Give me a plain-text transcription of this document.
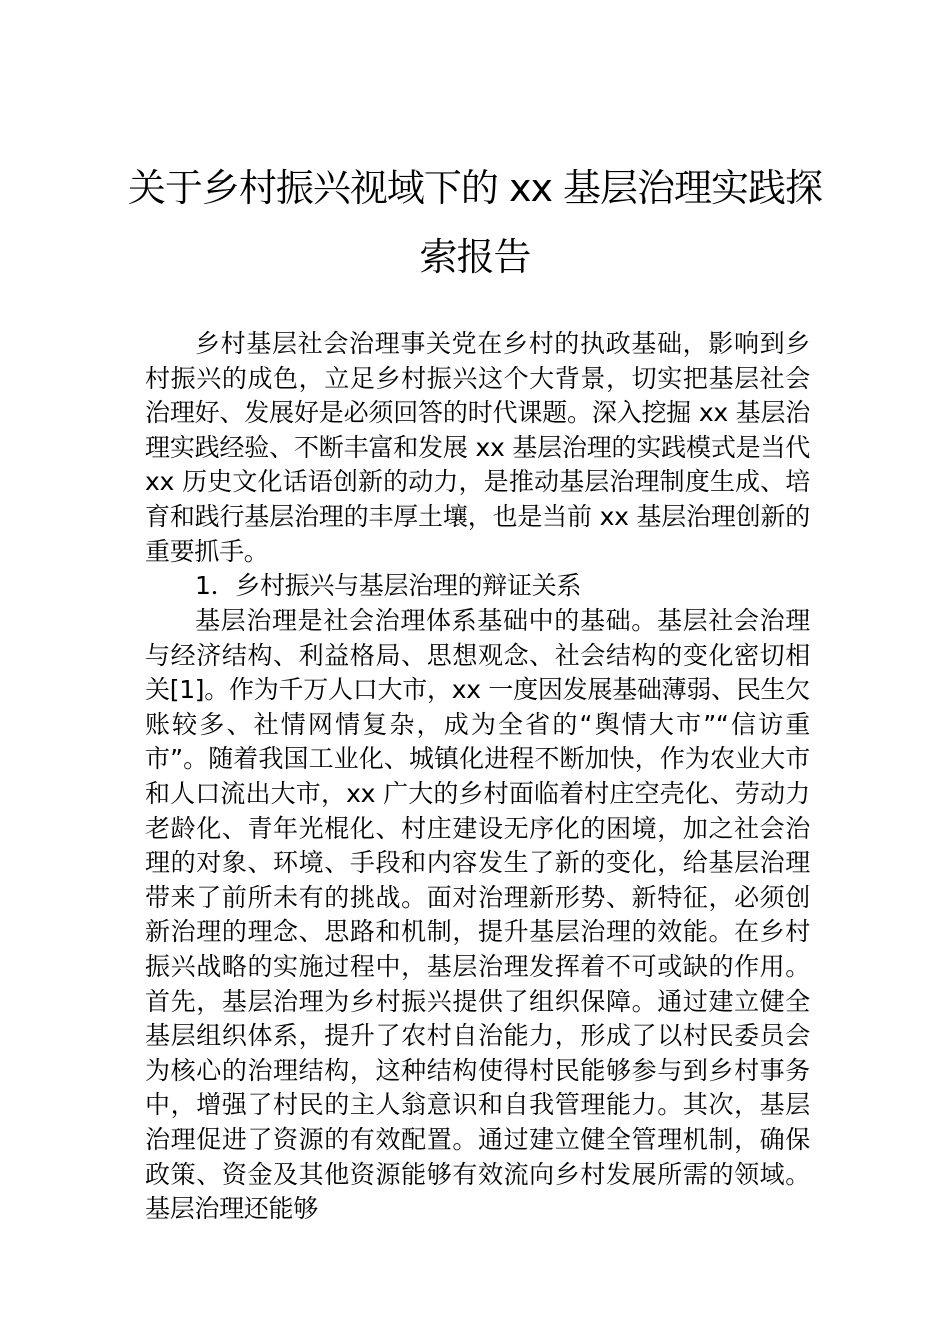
关于乡村振兴视域下的 xx 基层治理实践探
索报告
乡村基层社会治理事关党在乡村的执政基础，影响到乡村振兴的成色，立足乡村振兴这个大背景，切实把基层社会治理好、发展好是必须回答的时代课题。深入挖掘 xx 基层治理实践经验、不断丰富和发展 xx 基层治理的实践模式是当代 xx 历史文化话语创新的动力，是推动基层治理制度生成、培育和践行基层治理的丰厚土壤，也是当前 xx 基层治理创新的重要抓手。
1．乡村振兴与基层治理的辩证关系
基层治理是社会治理体系基础中的基础。基层社会治理与经济结构、利益格局、思想观念、社会结构的变化密切相关[1]。作为千万人口大市，xx 一度因发展基础薄弱、民生欠账较多、社情网情复杂，成为全省的“舆情大市”“信访重市”。随着我国工业化、城镇化进程不断加快，作为农业大市和人口流出大市，xx 广大的乡村面临着村庄空壳化、劳动力老龄化、青年光棍化、村庄建设无序化的困境，加之社会治理的对象、环境、手段和内容发生了新的变化，给基层治理带来了前所未有的挑战。面对治理新形势、新特征，必须创新治理的理念、思路和机制，提升基层治理的效能。在乡村振兴战略的实施过程中，基层治理发挥着不可或缺的作用。首先，基层治理为乡村振兴提供了组织保障。通过建立健全基层组织体系，提升了农村自治能力，形成了以村民委员会为核心的治理结构，这种结构使得村民能够参与到乡村事务中，增强了村民的主人翁意识和自我管理能力。其次，基层治理促进了资源的有效配置。通过建立健全管理机制，确保政策、资金及其他资源能够有效流向乡村发展所需的领域。基层治理还能够
